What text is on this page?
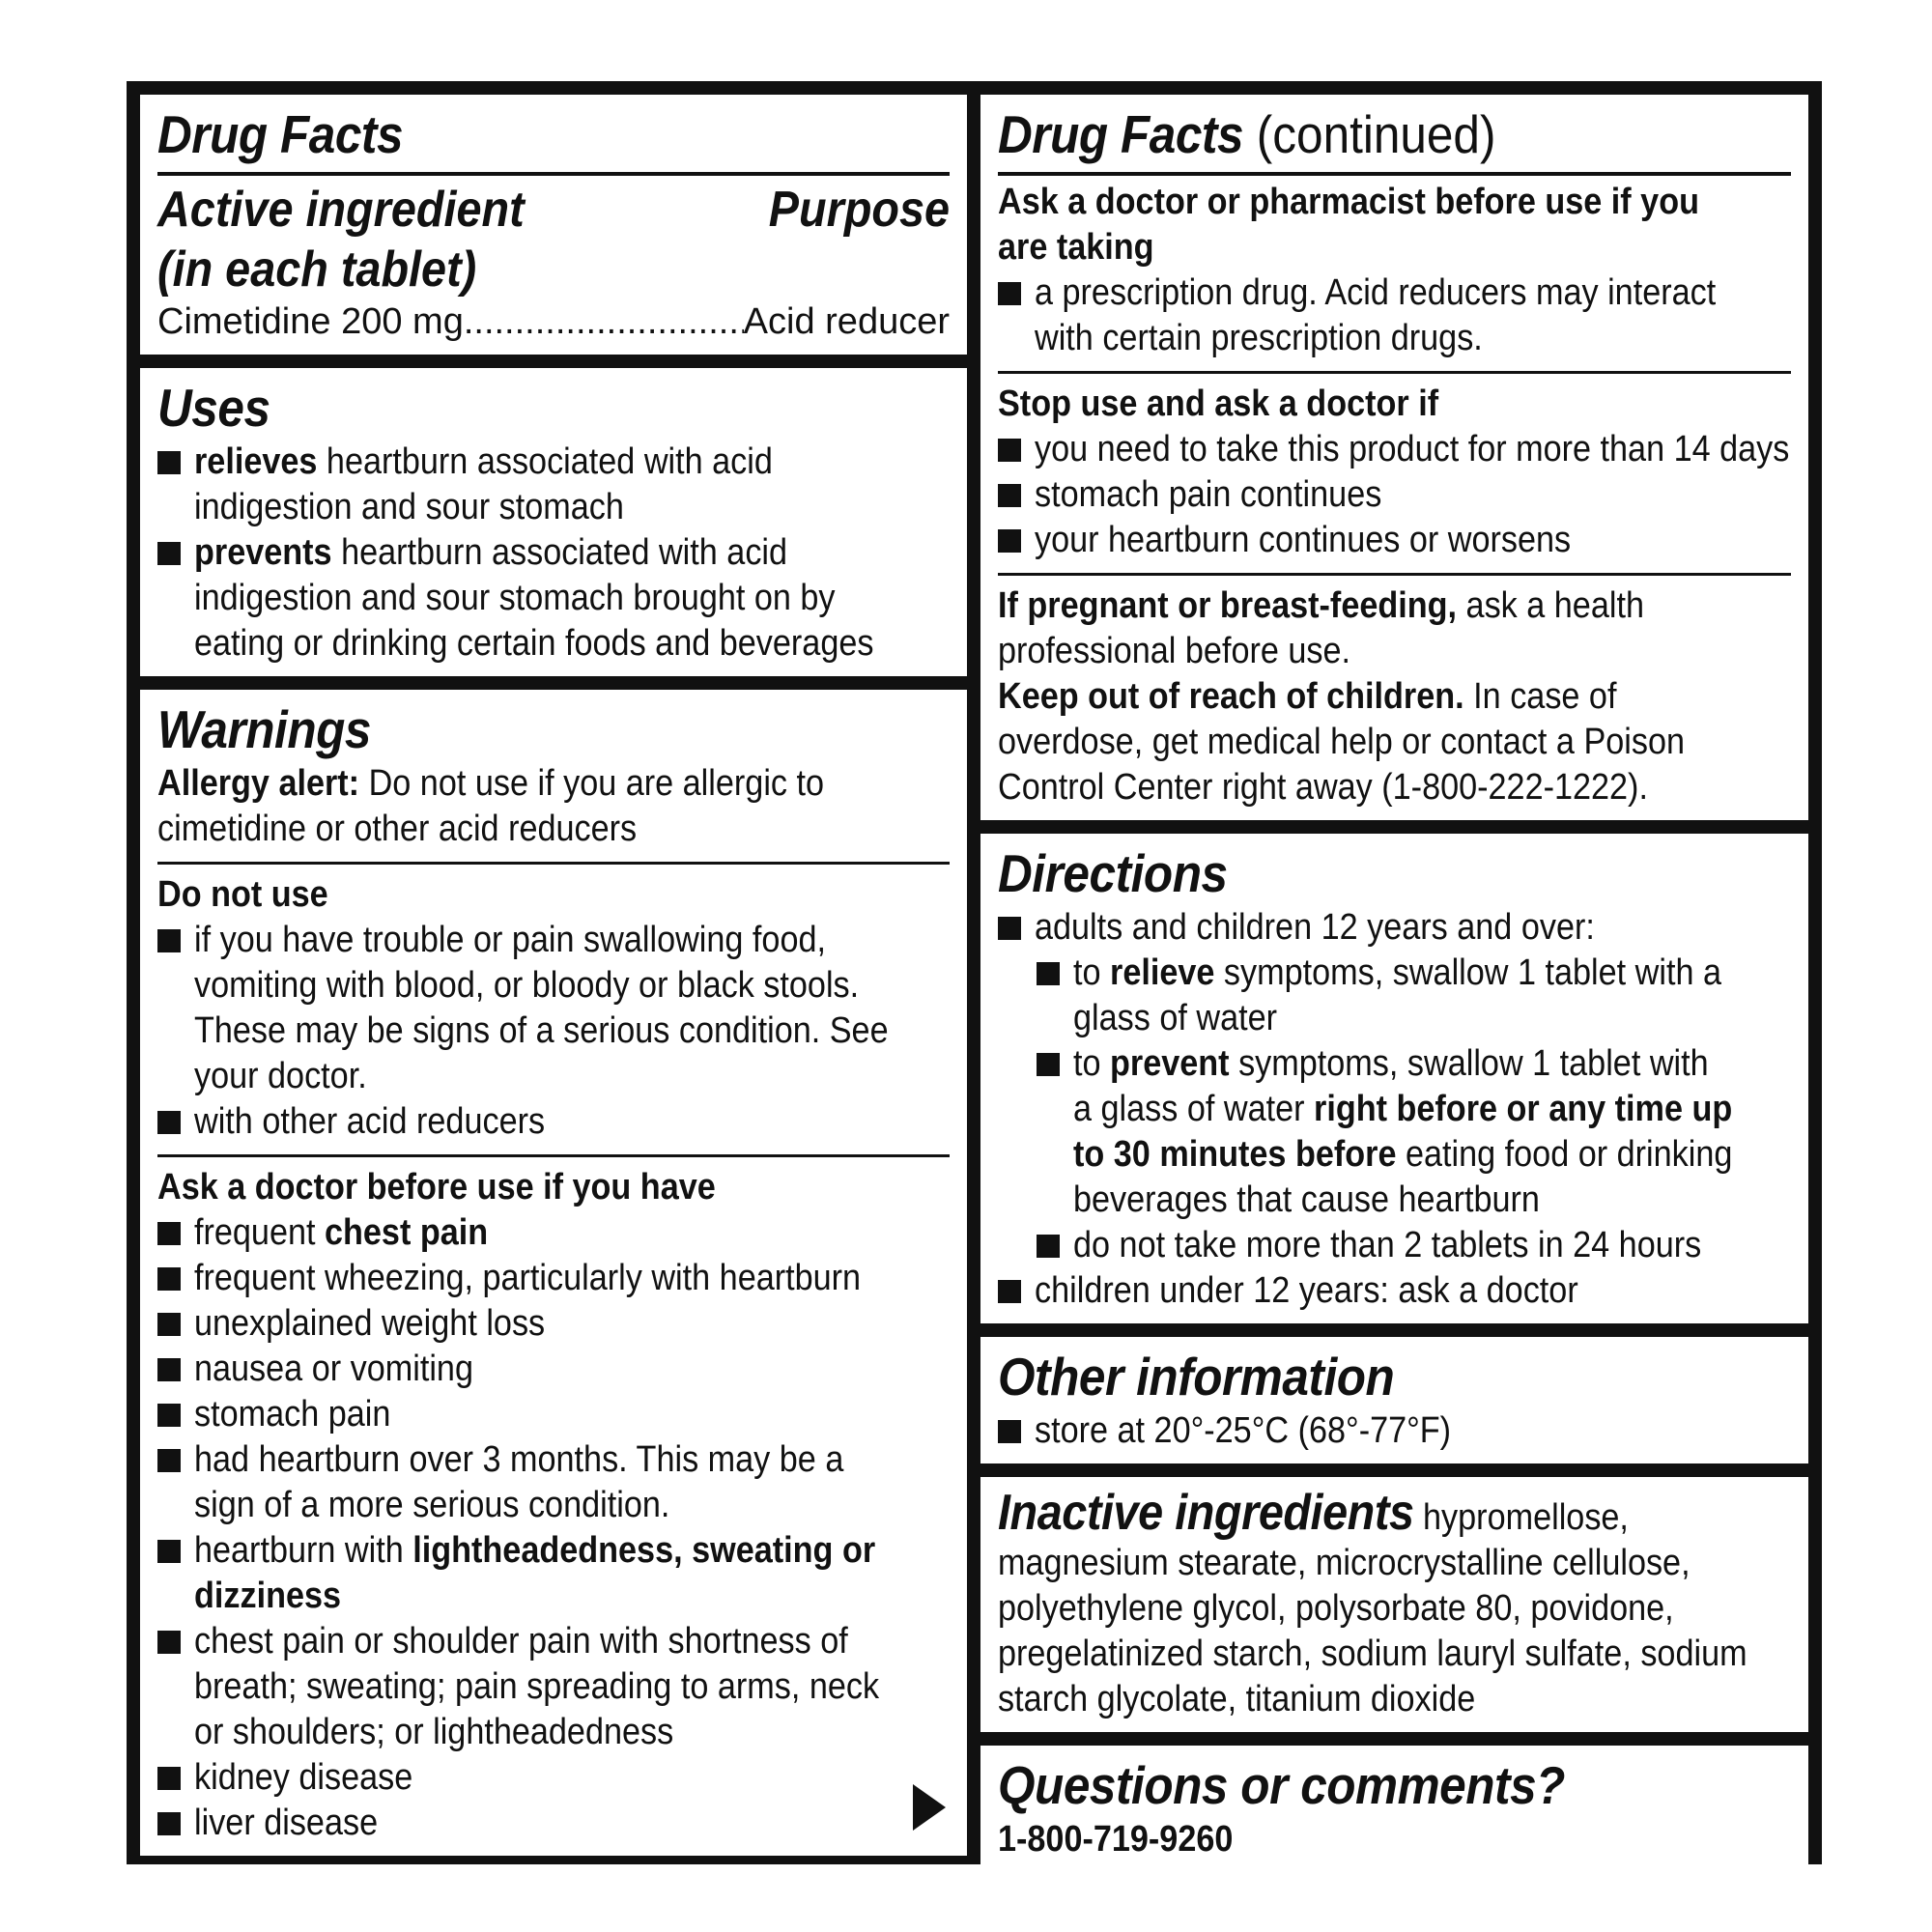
Drug Facts
Active ingredient
(in each tablet)
Purpose
Cimetidine 200 mg
.....	Acid reducer
Uses
relieves heartburn associated with acid
indigestion and sour stomach
prevents heartburn associated with acid
indigestion and sour stomach brought on by
eating or drinking certain foods and beverages
Warnings
Allergy alert: Do not use if you are allergic to
cimetidine or other acid reducers
Do not use
if you have trouble or pain swallowing food,
vomiting with blood, or bloody or black stools.
These may be signs of a serious condition. See
your doctor.
with other acid reducers
Ask a doctor before use if you have
frequent chest pain
frequent wheezing, particularly with heartburn
unexplained weight loss
nausea or vomiting
stomach pain
had heartburn over 3 months. This may be a
sign of a more serious condition.
heartburn with lightheadedness, sweating or
dizziness
chest pain or shoulder pain with shortness of
breath; sweating; pain spreading to arms, neck
or shoulders; or lightheadedness
kidney disease
liver disease
Drug Facts (continued)
Ask a doctor or pharmacist before use if you
are taking
a prescription drug. Acid reducers may interact
with certain prescription drugs.
Stop use and ask a doctor if
you need to take this product for more than 14 days
stomach pain continues
your heartburn continues or worsens
If pregnant or breast-feeding, ask a health
professional before use.
Keep out of reach of children. In case of
overdose, get medical help or contact a Poison
Control Center right away (1-800-222-1222).
Directions
adults and children 12 years and over:
to relieve symptoms, swallow 1 tablet with a
glass of water
to prevent symptoms, swallow 1 tablet with
a glass of water right before or any time up
to 30 minutes before eating food or drinking
beverages that cause heartburn
do not take more than 2 tablets in 24 hours
children under 12 years: ask a doctor
Other information
store at 20°-25°C (68°-77°F)
Inactive ingredients hypromellose,
magnesium stearate, microcrystalline cellulose,
polyethylene glycol, polysorbate 80, povidone,
pregelatinized starch, sodium lauryl sulfate, sodium
starch glycolate, titanium dioxide
Questions or comments?
1-800-719-9260
